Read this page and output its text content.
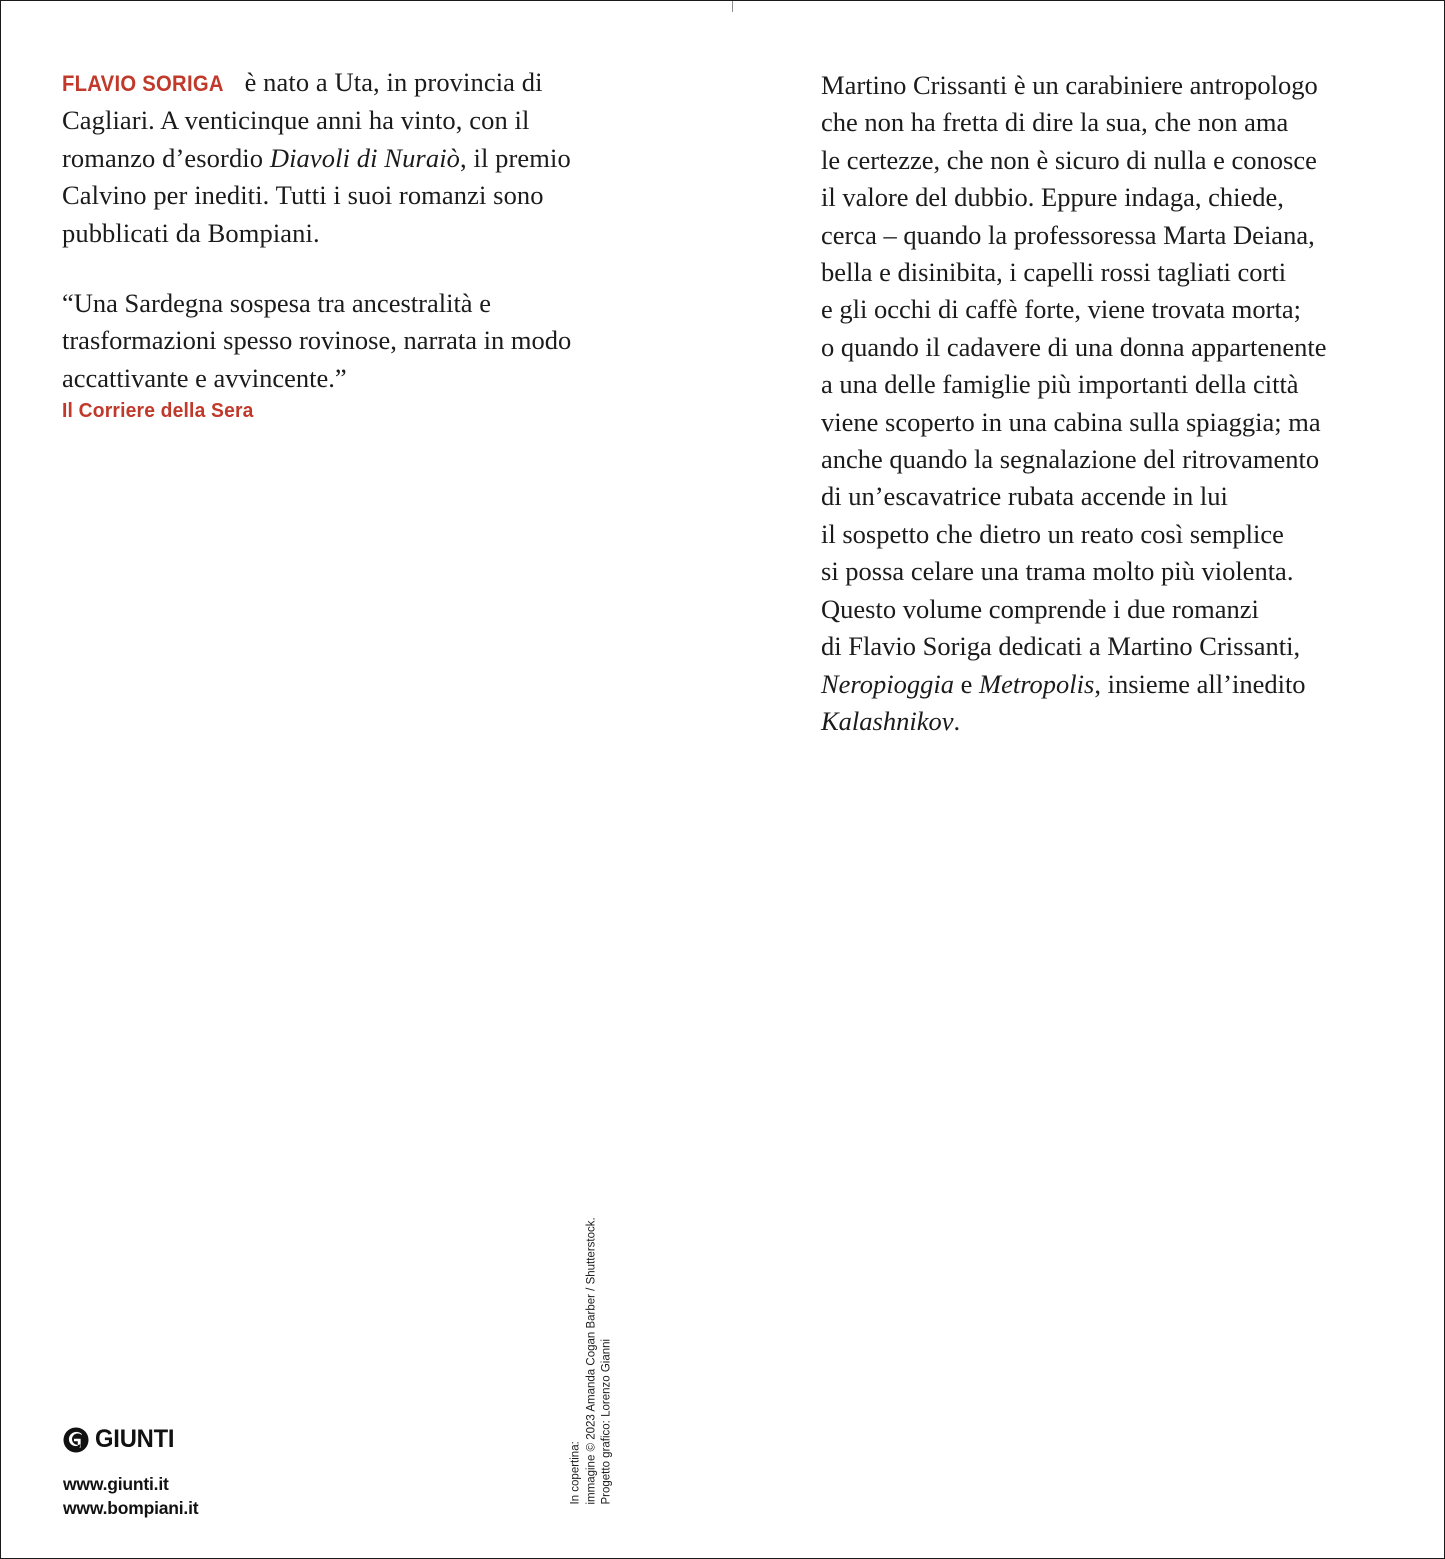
FLAVIO SORIGA è nato a Uta, in provincia di Cagliari. A venticinque anni ha vinto, con il romanzo d’esordio Diavoli di Nuraiò, il premio Calvino per inediti. Tutti i suoi romanzi sono pubblicati da Bompiani.

“Una Sardegna sospesa tra ancestralità e trasformazioni spesso rovinose, narrata in modo accattivante e avvincente.”

Il Corriere della Sera

Martino Crissanti è un carabiniere antropologo
che non ha fretta di dire la sua, che non ama
le certezze, che non è sicuro di nulla e conosce
il valore del dubbio. Eppure indaga, chiede,
cerca – quando la professoressa Marta Deiana,
bella e disinibita, i capelli rossi tagliati corti
e gli occhi di caffè forte, viene trovata morta;
o quando il cadavere di una donna appartenente
a una delle famiglie più importanti della città
viene scoperto in una cabina sulla spiaggia; ma
anche quando la segnalazione del ritrovamento
di un’escavatrice rubata accende in lui
il sospetto che dietro un reato così semplice
si possa celare una trama molto più violenta.
Questo volume comprende i due romanzi
di Flavio Soriga dedicati a Martino Crissanti,
Neropioggia e Metropolis, insieme all’inedito
Kalashnikov.

In copertina: immagine © 2023 Amanda Cogan Barber / Shutterstock. Progetto grafico: Lorenzo Gianni
GIUNTI
www.giunti.it
www.bompiani.it
